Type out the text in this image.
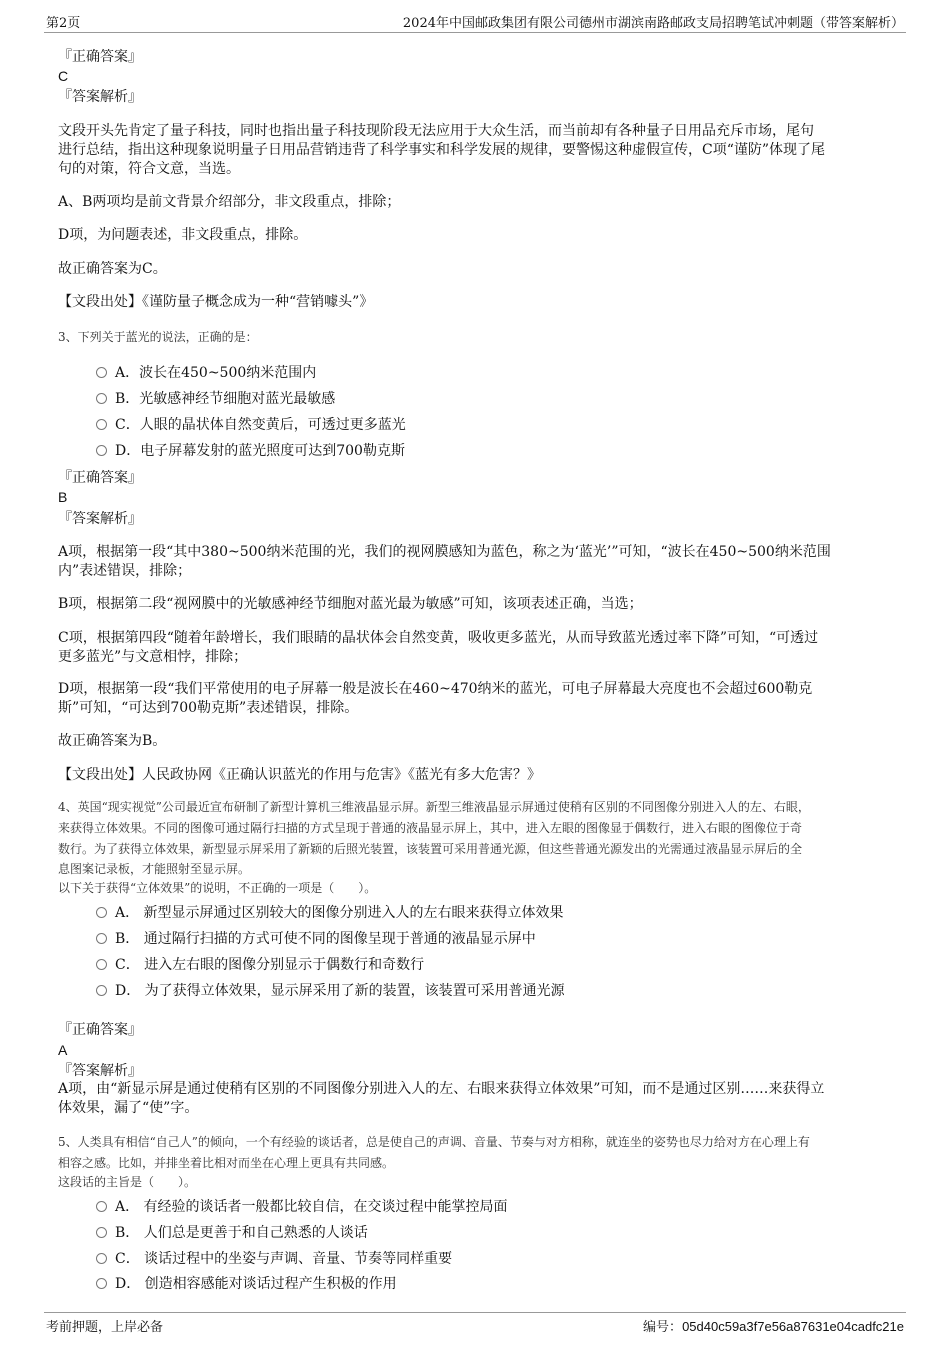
第2页	2024年中国邮政集团有限公司德州市湖滨南路邮政支局招聘笔试冲刺题（带答案解析）
『正确答案』
C
『答案解析』
文段开头先肯定了量子科技，同时也指出量子科技现阶段无法应用于大众生活，而当前却有各种量子日用品充斥市场，尾句
进行总结，指出这种现象说明量子日用品营销违背了科学事实和科学发展的规律，要警惕这种虚假宣传，C项“谨防”体现了尾
句的对策，符合文意，当选。
A、B两项均是前文背景介绍部分，非文段重点，排除；
D项，为问题表述，非文段重点，排除。
故正确答案为C。
【文段出处】《谨防量子概念成为一种“营销噱头”》
3、下列关于蓝光的说法，正确的是：
A．波长在450~500纳米范围内
B．光敏感神经节细胞对蓝光最敏感
C．人眼的晶状体自然变黄后，可透过更多蓝光
D．电子屏幕发射的蓝光照度可达到700勒克斯
『正确答案』
B
『答案解析』
A项，根据第一段“其中380~500纳米范围的光，我们的视网膜感知为蓝色，称之为‘蓝光’”可知，“波长在450~500纳米范围
内”表述错误，排除；
B项，根据第二段“视网膜中的光敏感神经节细胞对蓝光最为敏感”可知，该项表述正确，当选；
C项，根据第四段“随着年龄增长，我们眼睛的晶状体会自然变黄，吸收更多蓝光，从而导致蓝光透过率下降”可知，“可透过
更多蓝光”与文意相悖，排除；
D项，根据第一段“我们平常使用的电子屏幕一般是波长在460~470纳米的蓝光，可电子屏幕最大亮度也不会超过600勒克
斯”可知，“可达到700勒克斯”表述错误，排除。
故正确答案为B。
【文段出处】人民政协网《正确认识蓝光的作用与危害》《蓝光有多大危害？》
4、英国“现实视觉”公司最近宣布研制了新型计算机三维液晶显示屏。新型三维液晶显示屏通过使稍有区别的不同图像分别进入人的左、右眼，
来获得立体效果。不同的图像可通过隔行扫描的方式呈现于普通的液晶显示屏上，其中，进入左眼的图像显于偶数行，进入右眼的图像位于奇
数行。为了获得立体效果，新型显示屏采用了新颖的后照光装置，该装置可采用普通光源，但这些普通光源发出的光需通过液晶显示屏后的全
息图案记录板，才能照射至显示屏。
以下关于获得“立体效果”的说明，不正确的一项是（　　）。
A． 新型显示屏通过区别较大的图像分别进入人的左右眼来获得立体效果
B． 通过隔行扫描的方式可使不同的图像呈现于普通的液晶显示屏中
C． 进入左右眼的图像分别显示于偶数行和奇数行
D． 为了获得立体效果，显示屏采用了新的装置，该装置可采用普通光源
『正确答案』
A
『答案解析』
A项，由“新显示屏是通过使稍有区别的不同图像分别进入人的左、右眼来获得立体效果”可知，而不是通过区别……来获得立
体效果，漏了“使”字。
5、人类具有相信“自己人”的倾向，一个有经验的谈话者，总是使自己的声调、音量、节奏与对方相称，就连坐的姿势也尽力给对方在心理上有
相容之感。比如，并排坐着比相对而坐在心理上更具有共同感。
这段话的主旨是（　　）。
A． 有经验的谈话者一般都比较自信，在交谈过程中能掌控局面
B． 人们总是更善于和自己熟悉的人谈话
C． 谈话过程中的坐姿与声调、音量、节奏等同样重要
D． 创造相容感能对谈话过程产生积极的作用
考前押题，上岸必备	编号：05d40c59a3f7e56a87631e04cadfc21e
